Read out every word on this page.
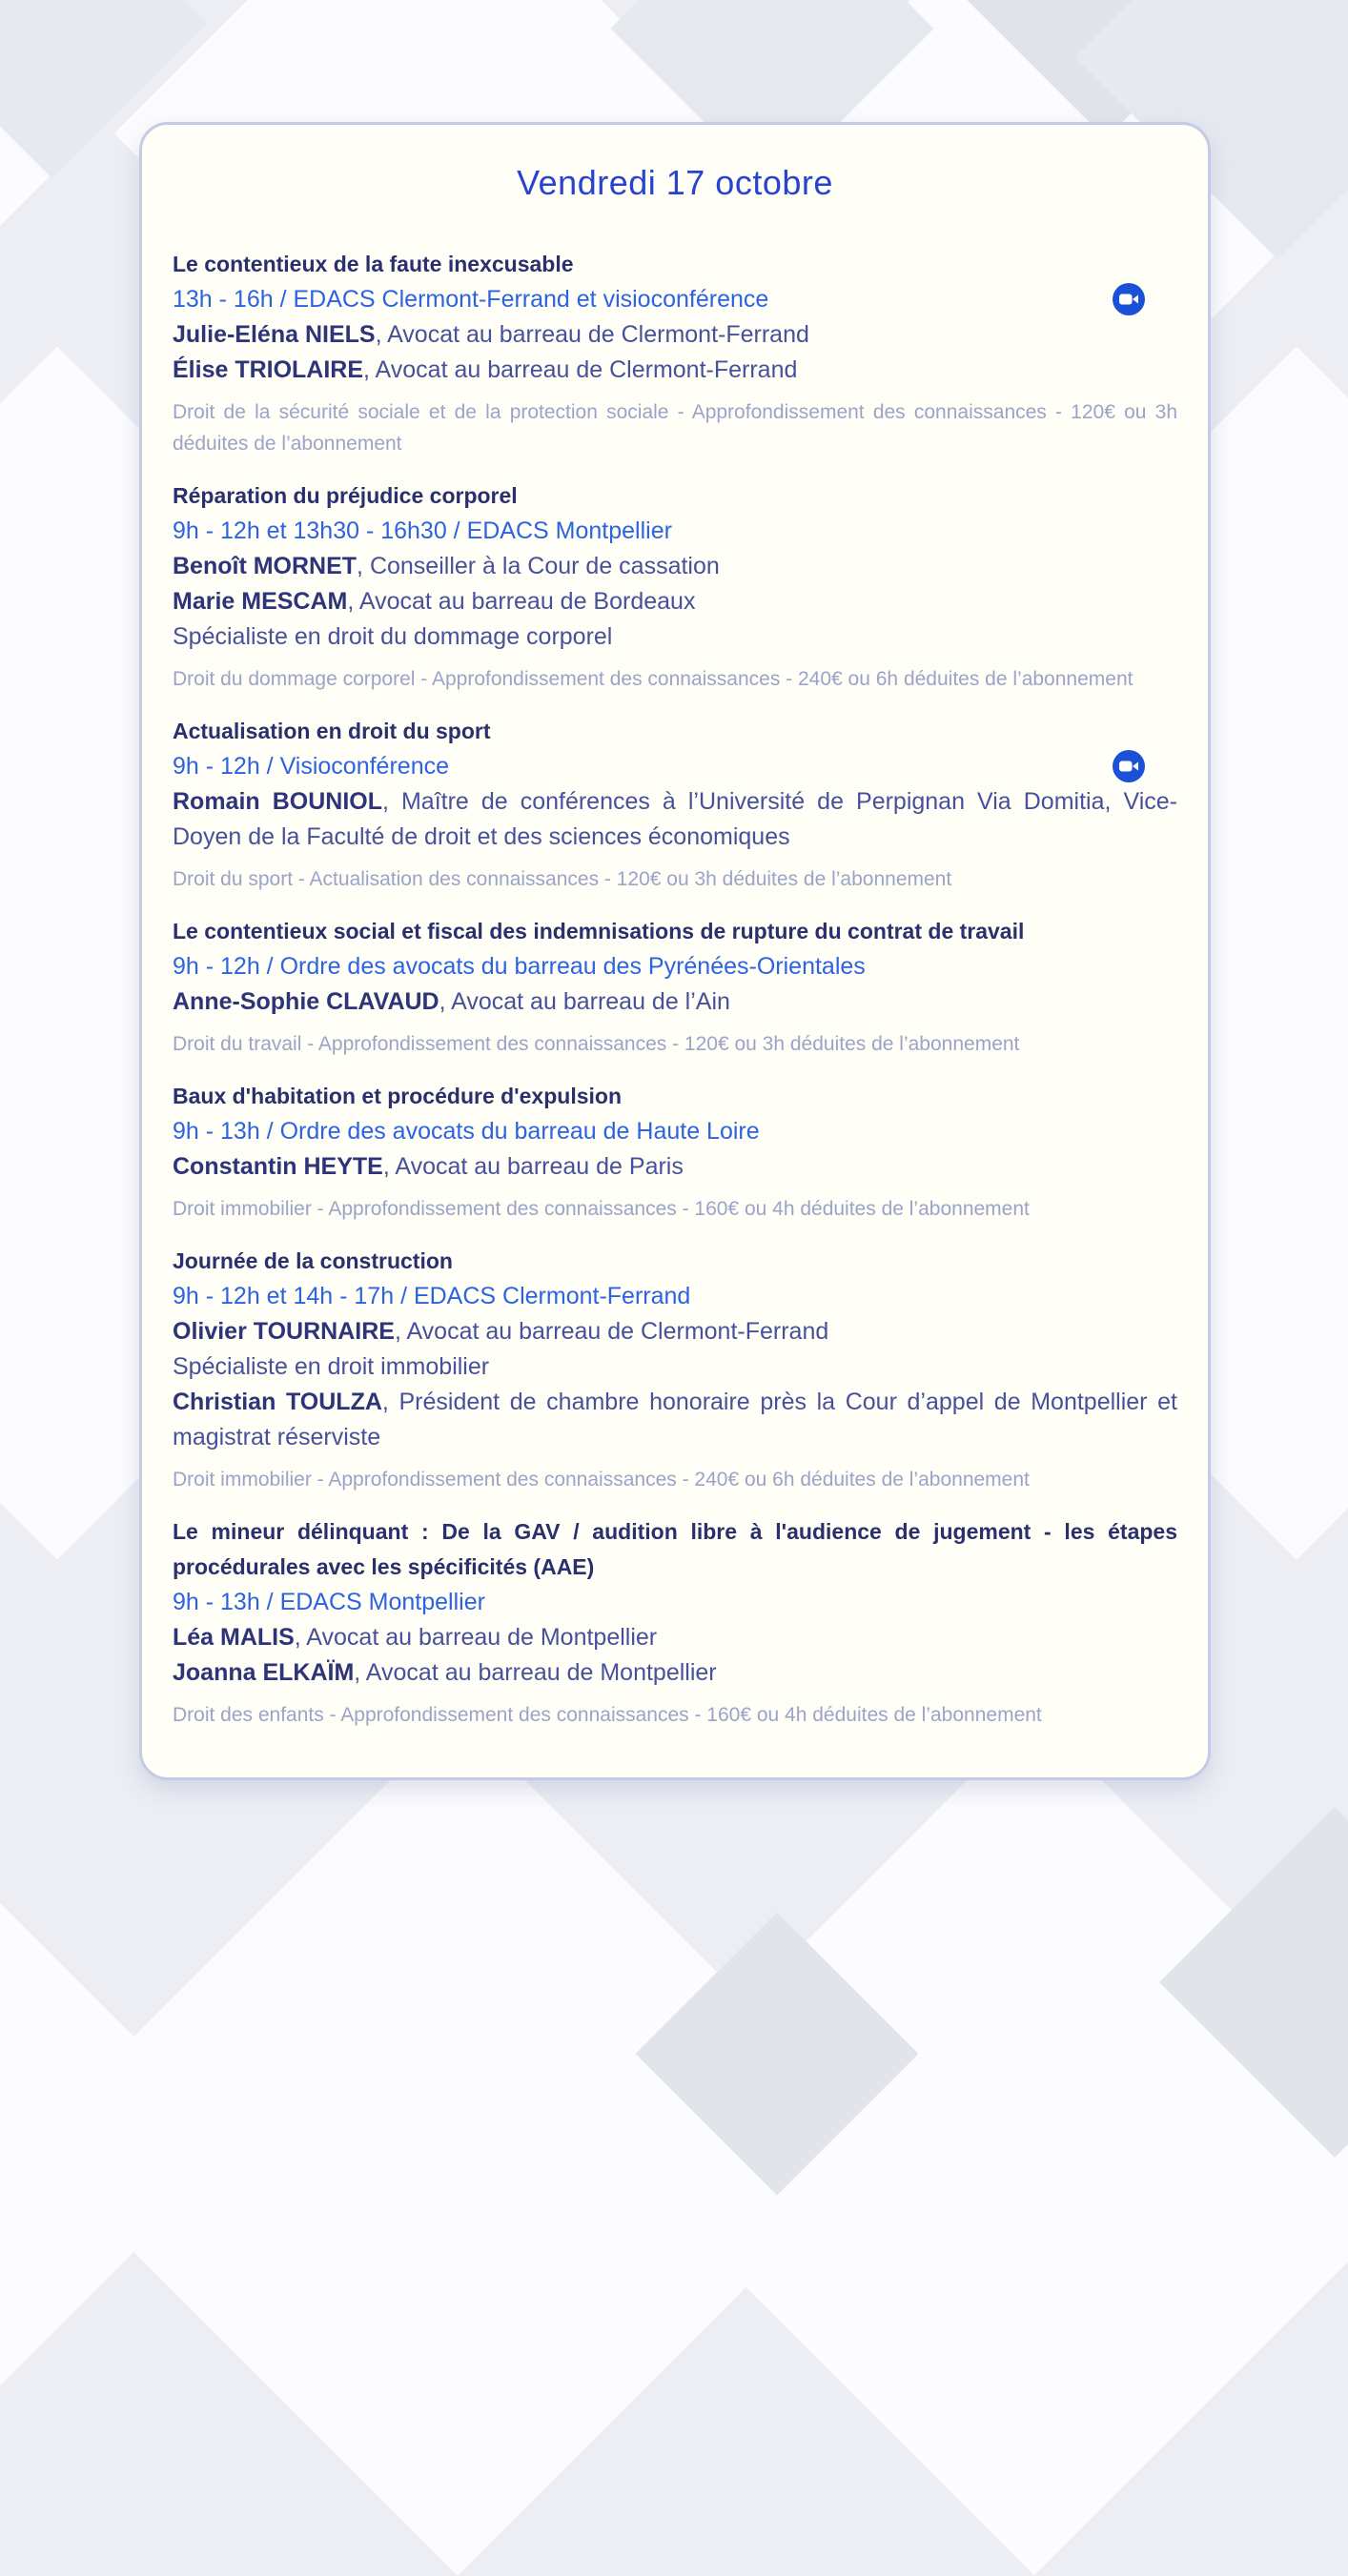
Vendredi 17 octobre

Le contentieux de la faute inexcusable

13h - 16h / EDACS Clermont-Ferrand et visioconférence

Julie-Eléna NIELS, Avocat au barreau de Clermont-Ferrand

Élise TRIOLAIRE, Avocat au barreau de Clermont-Ferrand

Droit de la sécurité sociale et de la protection sociale - Approfondissement des connaissances - 120€ ou 3h déduites de l’abonnement

Réparation du préjudice corporel

9h - 12h et 13h30 - 16h30 / EDACS Montpellier

Benoît MORNET, Conseiller à la Cour de cassation

Marie MESCAM, Avocat au barreau de Bordeaux

Spécialiste en droit du dommage corporel

Droit du dommage corporel - Approfondissement des connaissances - 240€ ou 6h déduites de l’abonnement

Actualisation en droit du sport

9h - 12h / Visioconférence

Romain BOUNIOL, Maître de conférences à l’Université de Perpignan Via Domitia, Vice-Doyen de la Faculté de droit et des sciences économiques

Droit du sport - Actualisation des connaissances - 120€ ou 3h déduites de l’abonnement

Le contentieux social et fiscal des indemnisations de rupture du contrat de travail

9h - 12h / Ordre des avocats du barreau des Pyrénées-Orientales

Anne-Sophie CLAVAUD, Avocat au barreau de l’Ain

Droit du travail - Approfondissement des connaissances - 120€ ou 3h déduites de l’abonnement

Baux d'habitation et procédure d'expulsion

9h - 13h / Ordre des avocats du barreau de Haute Loire

Constantin HEYTE, Avocat au barreau de Paris

Droit immobilier - Approfondissement des connaissances - 160€ ou 4h déduites de l’abonnement

Journée de la construction

9h - 12h et 14h - 17h / EDACS Clermont-Ferrand

Olivier TOURNAIRE, Avocat au barreau de Clermont-Ferrand

Spécialiste en droit immobilier

Christian TOULZA, Président de chambre honoraire près la Cour d’appel de Montpellier et magistrat réserviste

Droit immobilier - Approfondissement des connaissances - 240€ ou 6h déduites de l’abonnement

Le mineur délinquant : De la GAV / audition libre à l'audience de jugement - les étapes procédurales avec les spécificités (AAE)

9h - 13h / EDACS Montpellier

Léa MALIS, Avocat au barreau de Montpellier

Joanna ELKAÏM, Avocat au barreau de Montpellier

Droit des enfants - Approfondissement des connaissances - 160€ ou 4h déduites de l’abonnement
